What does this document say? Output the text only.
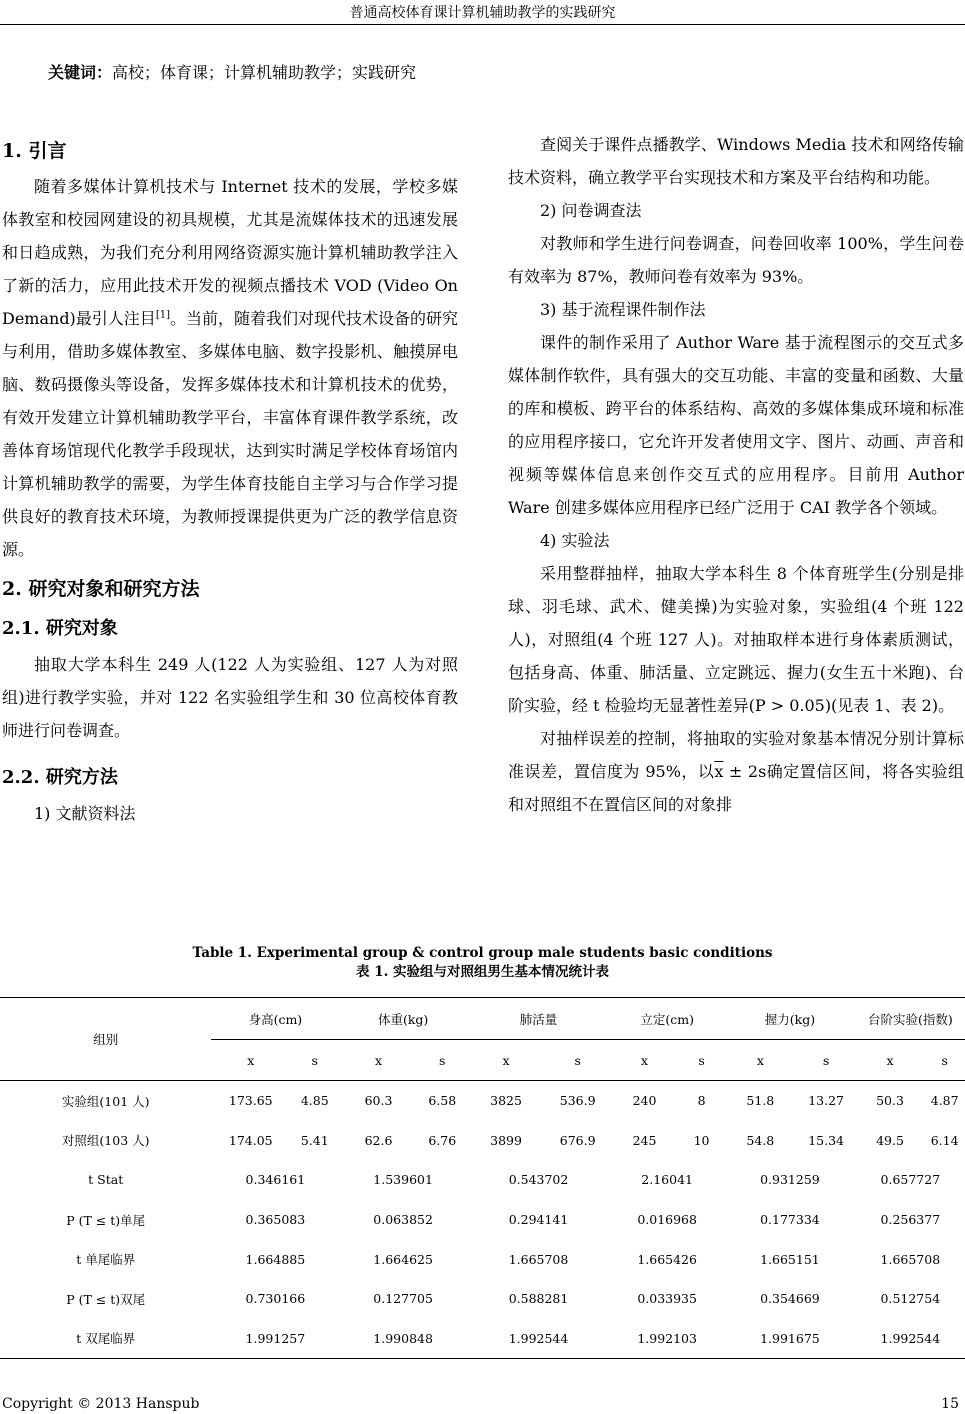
普通高校体育课计算机辅助教学的实践研究
关键词：高校；体育课；计算机辅助教学；实践研究
1. 引言

随着多媒体计算机技术与 Internet 技术的发展，学校多媒体教室和校园网建设的初具规模，尤其是流媒体技术的迅速发展和日趋成熟，为我们充分利用网络资源实施计算机辅助教学注入了新的活力，应用此技术开发的视频点播技术 VOD (Video On Demand)最引人注目[1]。当前，随着我们对现代技术设备的研究与利用，借助多媒体教室、多媒体电脑、数字投影机、触摸屏电脑、数码摄像头等设备，发挥多媒体技术和计算机技术的优势，有效开发建立计算机辅助教学平台，丰富体育课件教学系统，改善体育场馆现代化教学手段现状，达到实时满足学校体育场馆内计算机辅助教学的需要，为学生体育技能自主学习与合作学习提供良好的教育技术环境，为教师授课提供更为广泛的教学信息资源。

2. 研究对象和研究方法
2.1. 研究对象

抽取大学本科生 249 人(122 人为实验组、127 人为对照组)进行教学实验，并对 122 名实验组学生和 30 位高校体育教师进行问卷调查。

2.2. 研究方法

1) 文献资料法

查阅关于课件点播教学、Windows Media 技术和网络传输技术资料，确立教学平台实现技术和方案及平台结构和功能。

2) 问卷调查法

对教师和学生进行问卷调查，问卷回收率 100%，学生问卷有效率为 87%，教师问卷有效率为 93%。

3) 基于流程课件制作法

课件的制作采用了 Author Ware 基于流程图示的交互式多媒体制作软件，具有强大的交互功能、丰富的变量和函数、大量的库和模板、跨平台的体系结构、高效的多媒体集成环境和标准的应用程序接口，它允许开发者使用文字、图片、动画、声音和视频等媒体信息来创作交互式的应用程序。目前用 Author Ware 创建多媒体应用程序已经广泛用于 CAI 教学各个领域。

4) 实验法

采用整群抽样，抽取大学本科生 8 个体育班学生(分别是排球、羽毛球、武术、健美操)为实验对象，实验组(4 个班 122 人)，对照组(4 个班 127 人)。对抽取样本进行身体素质测试，包括身高、体重、肺活量、立定跳远、握力(女生五十米跑)、台阶实验，经 t 检验均无显著性差异(P > 0.05)(见表 1、表 2)。

对抽样误差的控制，将抽取的实验对象基本情况分别计算标准误差，置信度为 95%，以$\overline{x} \pm 2s$确定置信区间，将各实验组和对照组不在置信区间的对象排

Table 1. Experimental group & control group male students basic conditions
表 1. 实验组与对照组男生基本情况统计表
组别	身高(cm)		体重(kg)		肺活量		立定(cm)		握力(kg)		台阶实验(指数)	
	x	s	x	s	x	s	x	s	x	s	x	s
实验组(101 人)	173.65	4.85	60.3	6.58	3825	536.9	240	8	51.8	13.27	50.3	4.87
对照组(103 人)	174.05	5.41	62.6	6.76	3899	676.9	245	10	54.8	15.34	49.5	6.14
t Stat	0.346161		1.539601		0.543702		2.16041		0.931259		0.657727	
P (T ≤ t)单尾	0.365083		0.063852		0.294141		0.016968		0.177334		0.256377	
t 单尾临界	1.664885		1.664625		1.665708		1.665426		1.665151		1.665708	
P (T ≤ t)双尾	0.730166		0.127705		0.588281		0.033935		0.354669		0.512754	
t 双尾临界	1.991257		1.990848		1.992544		1.992103		1.991675		1.992544	
Copyright © 2013 Hanspub	15
